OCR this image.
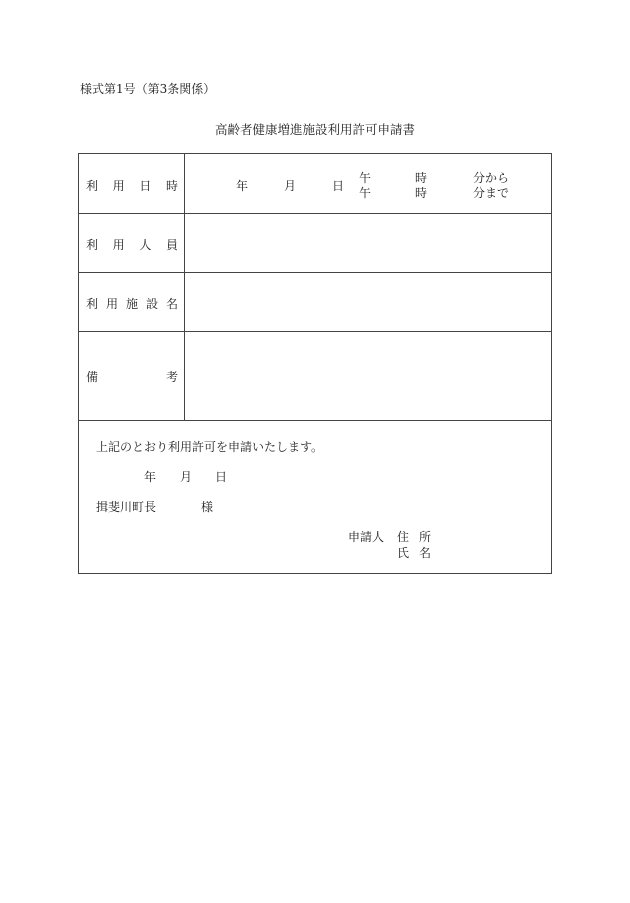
様式第1号（第3条関係）
高齢者健康増進施設利用許可申請書
利 用 日 時	年	月	日
午	時	分から
午	時	分まで
利 用 人 員
利 用 施 設 名
備	考
上記のとおり利用許可を申請いたします。
年 月 日
揖斐川町長	様
申請人 住 所
氏 名
